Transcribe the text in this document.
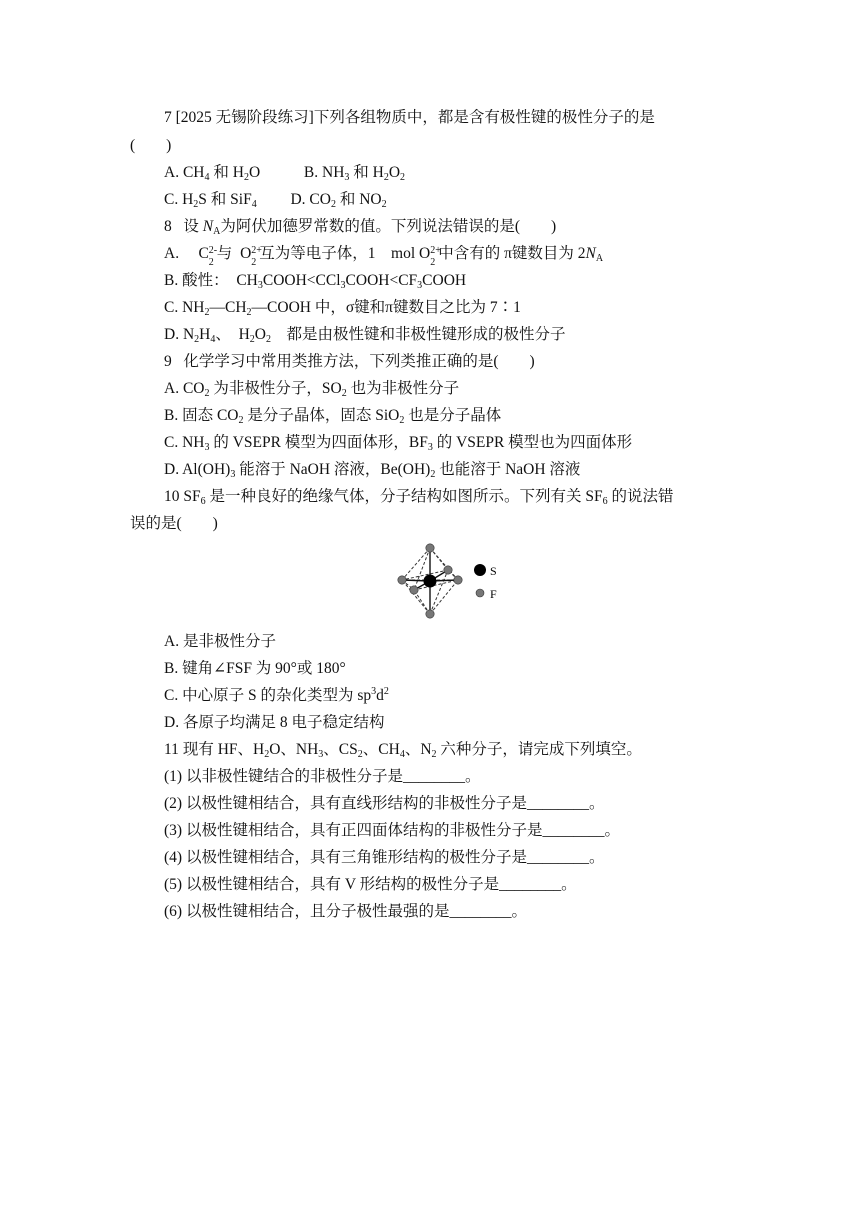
7 [2025 无锡阶段练习]下列各组物质中，都是含有极性键的极性分子的是
(　　)
A. $CH_4$ 和 $H_2O$	B. $NH_3$ 和 $H_2O_2$
C. $H_2S$ 和 SiF$_4$ D. $CO_2$ 和 $NO_2$
8 设 $N_A$为阿伏加德罗常数的值。下列说法错误的是(　　)
A. C 2-
2
与 O 2+
2
互为等电子体，1　mol O 2+
2
中含有的 π键数目为 $2N_A$
B. 酸性：　$CH_3COOH<CCl_3COOH<CF_3COOH$
C. $NH_2—CH_2—COOH$ 中，σ键和π键数目之比为 7∶1
D. $N_2H_4$、　$H_2O_2$　都是由极性键和非极性键形成的极性分子
9 化学学习中常用类推方法，下列类推正确的是(　　)
A. $CO_2$ 为非极性分子，$SO_2$ 也为非极性分子
B. 固态 $CO_2$ 是分子晶体，固态 SiO$_2$ 也是分子晶体
C. $NH_3$ 的 VSEPR 模型为四面体形，$BF_3$ 的 VSEPR 模型也为四面体形
D. $Al(OH)_3$ 能溶于 NaOH 溶液，$Be(OH)_2$ 也能溶于 NaOH 溶液
10 $SF_6$ 是一种良好的绝缘气体，分子结构如图所示。下列有关 $SF_6$ 的说法错
误的是(　　)
S
F
A. 是非极性分子
B. 键角∠FSF 为 90°或 180°
C. 中心原子 S 的杂化类型为 $sp^3d^2$
D. 各原子均满足 8 电子稳定结构
11 现有 HF、$H_2O$、$NH_3$、$CS_2$、$CH_4$、$N_2$ 六种分子，请完成下列填空。
(1) 以非极性键结合的非极性分子是________。
(2) 以极性键相结合，具有直线形结构的非极性分子是________。
(3) 以极性键相结合，具有正四面体结构的非极性分子是________。
(4) 以极性键相结合，具有三角锥形结构的极性分子是________。
(5) 以极性键相结合，具有 V 形结构的极性分子是________。
(6) 以极性键相结合，且分子极性最强的是________。
